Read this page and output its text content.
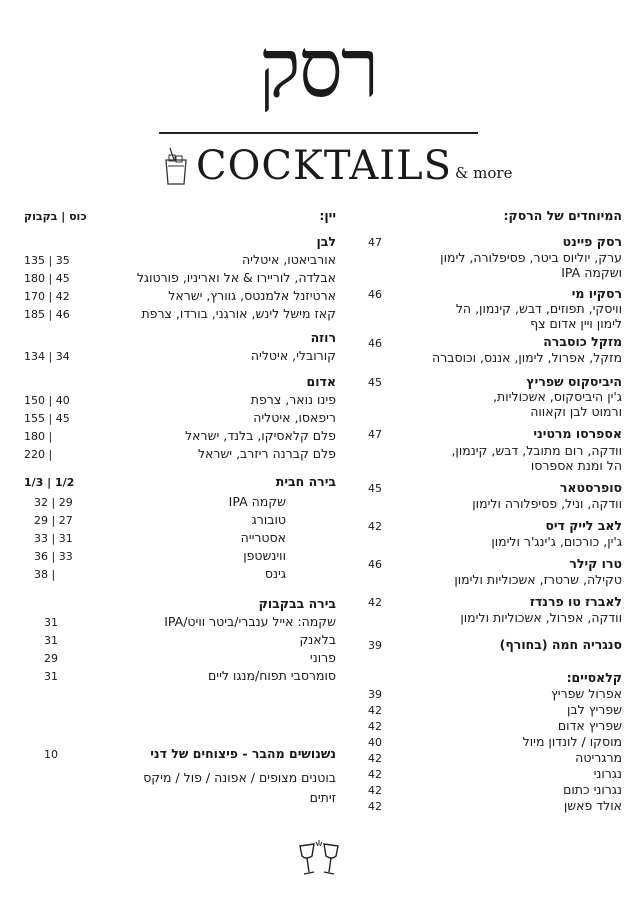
רסק
COCKTAILS & more
המיוחדים של הרסק:
רסק פיינט
47
ערק, יוליוס ביטר, פסיפלורה, לימון
ושקמה IPA
רסקיו מי
46
וויסקי, תפוזים, דבש, קינמון, הל
לימון ויין אדום צף
מזקל כוסברה
46
מזקל, אפרול, לימון, אננס, וכוסברה
היביסקוס שפריץ
45
ג'ין היביסקוס, אשכוליות,
ורמוט לבן וקאווה
אספרסו מרטיני
47
וודקה, רום מתובל, דבש, קינמון,
הל ומנת אספרסו
סופרסטאר
45
וודקה, וניל, פסיפלורה ולימון
לאב לייק דיס
42
ג'ין, כורכום, ג'ינג'ר ולימון
טרו קילר
46
טקילה, שרטרז, אשכוליות ולימון
לאברז טו פרנדז
42
וודקה, אפרול, אשכוליות ולימון
סנגריה חמה (בחורף)
39
קלאסיים:
אפרול שפריץ
39
שפריץ לבן
42
שפריץ אדום
42
מוסקו / לונדון מיול
40
מרגריטה
42
נגרוני
42
נגרוני כתום
42
אולד פאשן
42
יין:
כוס | בקבוק
לבן
אורביאטו, איטליה
135 | 35
אבלדה, לוריירו & אל ואריניו, פורטוגל
180 | 45
ארטיזנל אלמנטס, גוורץ, ישראל
170 | 42
קאז מישל לינש, אורגני, בורדו, צרפת
185 | 46
רוזה
קורובלי, איטליה
134 | 34
אדום
פינו נואר, צרפת
150 | 40
ריפאסו, איטליה
155 | 45
פלם קלאסיקו, בלנד, ישראל
180 |
פלם קברנה ריזרב, ישראל
220 |
בירה חבית
1/3 | 1/2
שקמה IPA
32 | 29
טובורג
29 | 27
אסטרייה
33 | 31
ווינשטפן
36 | 33
גינס
38 |
בירה בבקבוק
שקמה: אייל ענברי/ביטר וויט/IPA
31
בלאנק
31
פרוני
29
סומרסבי תפוח/מנגו ליים
31
נשנושים מהבר - פיצוחים של דני
10
בוטנים מצופים / אפונה / פול / מיקס
זיתים
